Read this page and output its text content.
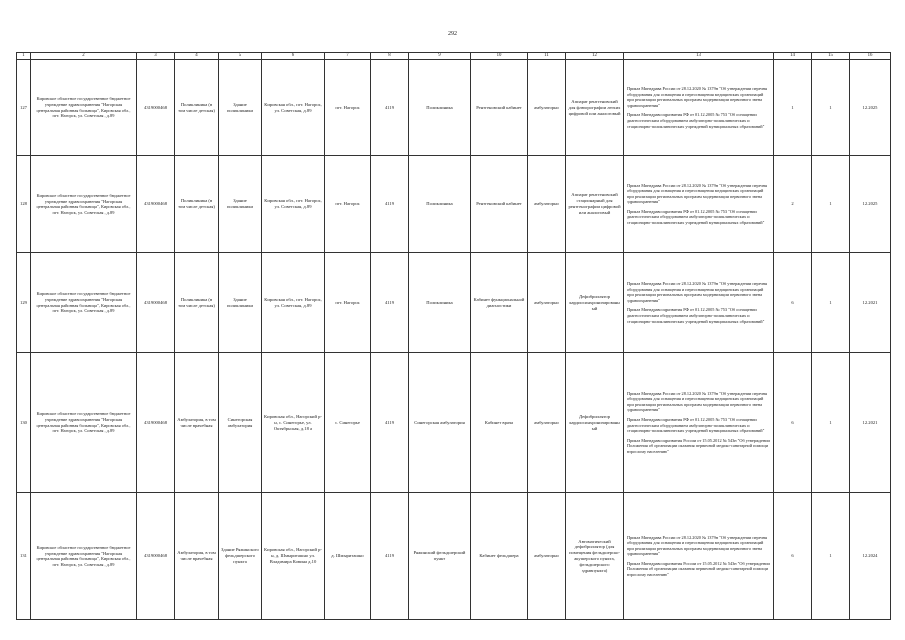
292
1	2	3	4	5	6	7	8	9	10	11	12	13	14	15	16
127	Кировское областное государственное бюджетное учреждение здравоохранения "Нагорская центральная районная больница", Кировская обл., пгт. Нагорск, ул. Советская , д.89	4319000468	Поликлиника (в том числе детская)	Здание поликлиники	Кировская обл., пгт. Нагорск, ул. Советская, д.89	пгт. Нагорск	4119	Поликлиника	Рентгеновский кабинет	амбулаторно	Аппарат рентгеновский для флюорографии легких цифровой или аналоговый	Приказ Минздрава России от 28.12.2020 № 1379н "Об утверждении перечня оборудования для оснащения и переоснащения медицинских организаций при реализации региональных программ модернизации первичного звена здравоохранения"
Приказ Минздравсоцразвития РФ от 01.12.2005 № 753 "Об оснащении диагностическим оборудованием амбулаторно-поликлинических и стационарно-поликлинических учреждений муниципальных образований"	1	1	12.2025
128	Кировское областное государственное бюджетное учреждение здравоохранения "Нагорская центральная районная больница", Кировская обл., пгт. Нагорск, ул. Советская , д.89	4319000468	Поликлиника (в том числе детская)	Здание поликлиники	Кировская обл., пгт. Нагорск, ул. Советская, д.89	пгт. Нагорск	4119	Поликлиника	Рентгеновский кабинет	амбулаторно	Аппарат рентгеновский стационарный для рентгенографии цифровой или аналоговый	Приказ Минздрава России от 28.12.2020 № 1379н "Об утверждении перечня оборудования для оснащения и переоснащения медицинских организаций при реализации региональных программ модернизации первичного звена здравоохранения"
Приказ Минздравсоцразвития РФ от 01.12.2005 № 753 "Об оснащении диагностическим оборудованием амбулаторно-поликлинических и стационарно-поликлинических учреждений муниципальных образований"	2	1	12.2025
129	Кировское областное государственное бюджетное учреждение здравоохранения "Нагорская центральная районная больница", Кировская обл., пгт. Нагорск, ул. Советская , д.89	4319000468	Поликлиника (в том числе детская)	Здание поликлиники	Кировская обл., пгт. Нагорск, ул. Советская, д.89	пгт. Нагорск	4119	Поликлиника	Кабинет функциональной диагностики	амбулаторно	Дефибриллятор кардиосинхронизированный	Приказ Минздрава России от 28.12.2020 № 1379н "Об утверждении перечня оборудования для оснащения и переоснащения медицинских организаций при реализации региональных программ модернизации первичного звена здравоохранения"
Приказ Минздравсоцразвития РФ от 01.12.2005 № 753 "Об оснащении диагностическим оборудованием амбулаторно-поликлинических и стационарно-поликлинических учреждений муниципальных образований"	6	1	12.2021
130	Кировское областное государственное бюджетное учреждение здравоохранения "Нагорская центральная районная больница", Кировская обл., пгт. Нагорск, ул. Советская , д.89	4319000468	Амбулатория, в том числе врачебная	Синегорская амбулатория	Кировская обл., Нагорский р-н, с. Синегорье, ул. Октябрьская, д.18 а	с. Синегорье	4119	Синегорская амбулатория	Кабинет врача	амбулаторно	Дефибриллятор кардиосинхронизированный	Приказ Минздрава России от 28.12.2020 № 1379н "Об утверждении перечня оборудования для оснащения и переоснащения медицинских организаций при реализации региональных программ модернизации первичного звена здравоохранения"
Приказ Минздравсоцразвития РФ от 01.12.2005 № 753 "Об оснащении диагностическим оборудованием амбулаторно-поликлинических и стационарно-поликлинических учреждений муниципальных образований"
Приказ Минздравсоцразвития России от 15.05.2012 № 543н "Об утверждении Положения об организации оказания первичной медико-санитарной помощи взрослому населению"	6	1	12.2021
131	Кировское областное государственное бюджетное учреждение здравоохранения "Нагорская центральная районная больница", Кировская обл., пгт. Нагорск, ул. Советская , д.89	4319000468	Амбулатория, в том числе врачебная	Здание Ряжинского фельдшерского пункта	Кировская обл., Нагорский р-н, д. Шмыриташно ул. Владимира Ковина д.10	д. Шмыриташно	4119	Ряжинский фельдшерский пункт	Кабинет фельдшера	амбулаторно	Автоматический дефибриллятор (для помещения фельдшерско-акушерского пункта, фельдшерского здравпункта)	Приказ Минздрава России от 28.12.2020 № 1379н "Об утверждении перечня оборудования для оснащения и переоснащения медицинских организаций при реализации региональных программ модернизации первичного звена здравоохранения"
Приказ Минздравсоцразвития России от 15.05.2012 № 543н "Об утверждении Положения об организации оказания первичной медико-санитарной помощи взрослому населению"	6	1	12.2024
